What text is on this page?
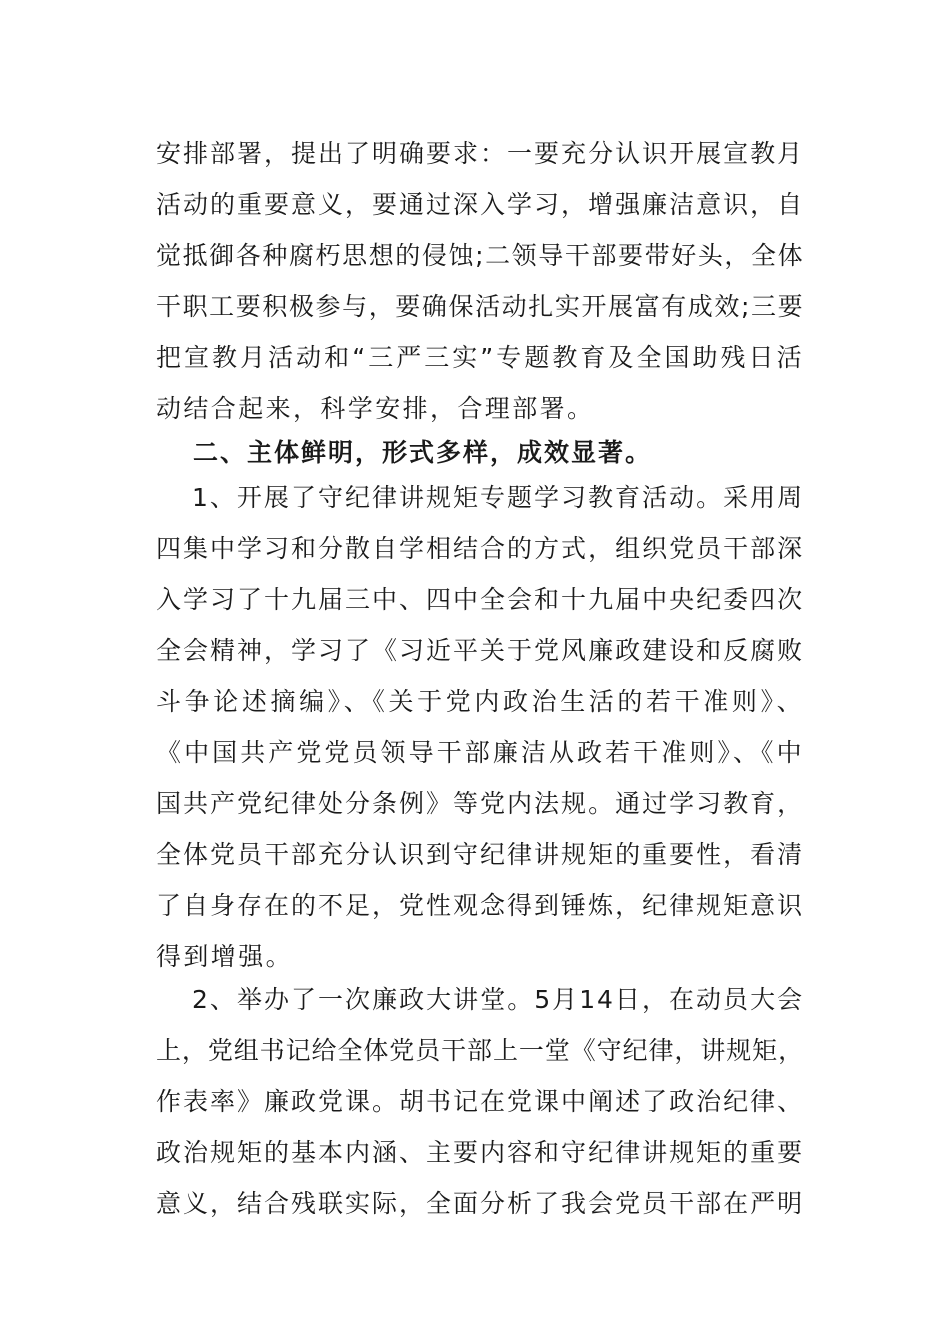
安排部署，提出了明确要求：一要充分认识开展宣教月
活动的重要意义，要通过深入学习，增强廉洁意识，自
觉抵御各种腐朽思想的侵蚀;二领导干部要带好头，全体
干职工要积极参与，要确保活动扎实开展富有成效;三要
把宣教月活动和“三严三实”专题教育及全国助残日活
动结合起来，科学安排，合理部署。
二、主体鲜明，形式多样，成效显著。
1、开展了守纪律讲规矩专题学习教育活动。采用周
四集中学习和分散自学相结合的方式，组织党员干部深
入学习了十九届三中、四中全会和十九届中央纪委四次
全会精神，学习了《习近平关于党风廉政建设和反腐败
斗争论述摘编》、《关于党内政治生活的若干准则》、
《中国共产党党员领导干部廉洁从政若干准则》、《中
国共产党纪律处分条例》等党内法规。通过学习教育，
全体党员干部充分认识到守纪律讲规矩的重要性，看清
了自身存在的不足，党性观念得到锤炼，纪律规矩意识
得到增强。
2、举办了一次廉政大讲堂。5月14日，在动员大会
上，党组书记给全体党员干部上一堂《守纪律，讲规矩，
作表率》廉政党课。胡书记在党课中阐述了政治纪律、
政治规矩的基本内涵、主要内容和守纪律讲规矩的重要
意义，结合残联实际，全面分析了我会党员干部在严明
